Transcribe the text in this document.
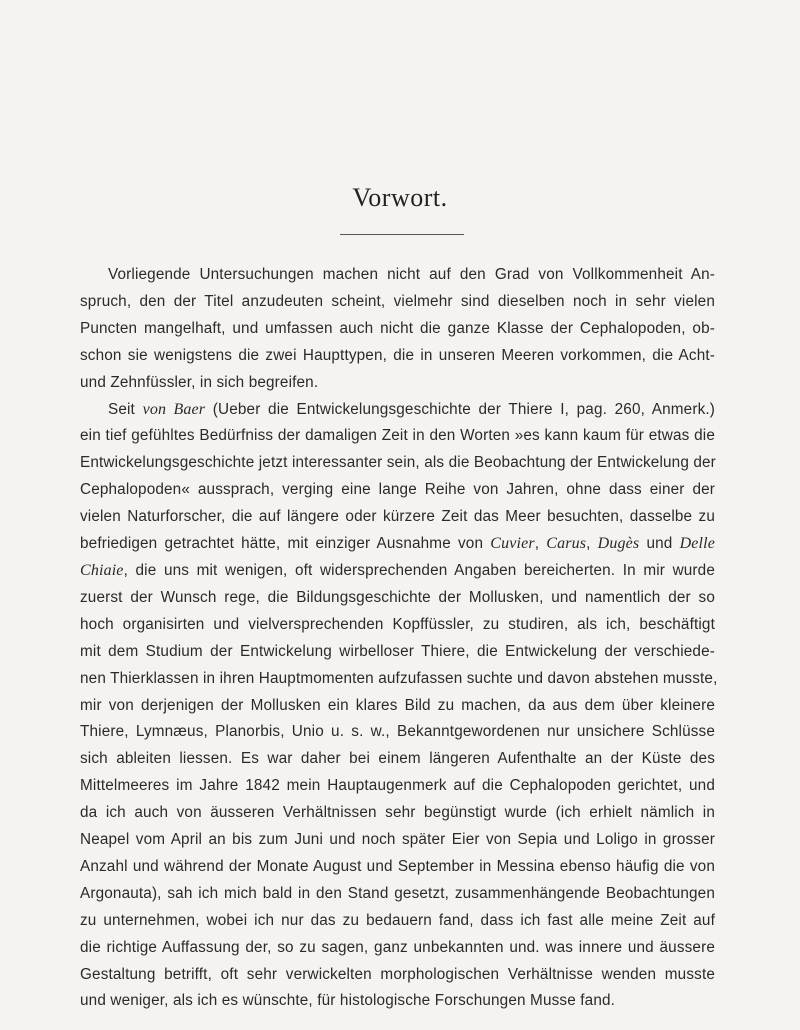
Vorwort.
Vorliegende Untersuchungen machen nicht auf den Grad von Vollkommenheit An-
spruch, den der Titel anzudeuten scheint, vielmehr sind dieselben noch in sehr vielen
Puncten mangelhaft, und umfassen auch nicht die ganze Klasse der Cephalopoden, ob-
schon sie wenigstens die zwei Haupttypen, die in unseren Meeren vorkommen, die Acht-
und Zehnfüssler, in sich begreifen.
Seit von Baer (Ueber die Entwickelungsgeschichte der Thiere I, pag. 260, Anmerk.)
ein tief gefühltes Bedürfniss der damaligen Zeit in den Worten »es kann kaum für etwas die
Entwickelungsgeschichte jetzt interessanter sein, als die Beobachtung der Entwickelung der
Cephalopoden« aussprach, verging eine lange Reihe von Jahren, ohne dass einer der
vielen Naturforscher, die auf längere oder kürzere Zeit das Meer besuchten, dasselbe zu
befriedigen getrachtet hätte, mit einziger Ausnahme von Cuvier, Carus, Dugès und Delle
Chiaie, die uns mit wenigen, oft widersprechenden Angaben bereicherten. In mir wurde
zuerst der Wunsch rege, die Bildungsgeschichte der Mollusken, und namentlich der so
hoch organisirten und vielversprechenden Kopffüssler, zu studiren, als ich, beschäftigt
mit dem Studium der Entwickelung wirbelloser Thiere, die Entwickelung der verschiede-
nen Thierklassen in ihren Hauptmomenten aufzufassen suchte und davon abstehen musste,
mir von derjenigen der Mollusken ein klares Bild zu machen, da aus dem über kleinere
Thiere, Lymnæus, Planorbis, Unio u. s. w., Bekanntgewordenen nur unsichere Schlüsse
sich ableiten liessen. Es war daher bei einem längeren Aufenthalte an der Küste des
Mittelmeeres im Jahre 1842 mein Hauptaugenmerk auf die Cephalopoden gerichtet, und
da ich auch von äusseren Verhältnissen sehr begünstigt wurde (ich erhielt nämlich in
Neapel vom April an bis zum Juni und noch später Eier von Sepia und Loligo in grosser
Anzahl und während der Monate August und September in Messina ebenso häufig die von
Argonauta), sah ich mich bald in den Stand gesetzt, zusammenhängende Beobachtungen
zu unternehmen, wobei ich nur das zu bedauern fand, dass ich fast alle meine Zeit auf
die richtige Auffassung der, so zu sagen, ganz unbekannten und. was innere und äussere
Gestaltung betrifft, oft sehr verwickelten morphologischen Verhältnisse wenden musste
und weniger, als ich es wünschte, für histologische Forschungen Musse fand.
